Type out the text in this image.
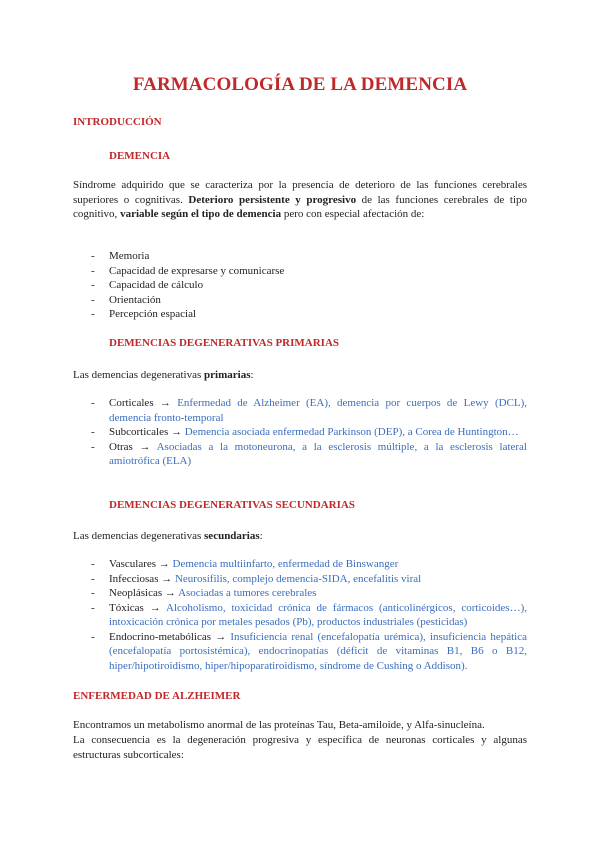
FARMACOLOGÍA DE LA DEMENCIA
INTRODUCCIÓN
DEMENCIA
Síndrome adquirido que se caracteriza por la presencia de deterioro de las funciones cerebrales superiores o cognitivas. Deterioro persistente y progresivo de las funciones cerebrales de tipo cognitivo, variable según el tipo de demencia pero con especial afectación de:
- Memoria
- Capacidad de expresarse y comunicarse
- Capacidad de cálculo
- Orientación
- Percepción espacial
DEMENCIAS DEGENERATIVAS PRIMARIAS
Las demencias degenerativas primarias:
- Corticales → Enfermedad de Alzheimer (EA), demencia por cuerpos de Lewy (DCL), demencia fronto-temporal
- Subcorticales → Demencia asociada enfermedad Parkinson (DEP), a Corea de Huntington…
- Otras → Asociadas a la motoneurona, a la esclerosis múltiple, a la esclerosis lateral amiotrófica (ELA)
DEMENCIAS DEGENERATIVAS SECUNDARIAS
Las demencias degenerativas secundarias:
- Vasculares → Demencia multiinfarto, enfermedad de Binswanger
- Infecciosas → Neurosífilis, complejo demencia-SIDA, encefalitis viral
- Neoplásicas → Asociadas a tumores cerebrales
- Tóxicas → Alcoholismo, toxicidad crónica de fármacos (anticolinérgicos, corticoides…), intoxicación crónica por metales pesados (Pb), productos industriales (pesticidas)
- Endocrino-metabólicas → Insuficiencia renal (encefalopatía urémica), insuficiencia hepática (encefalopatía portosistémica), endocrinopatías (déficit de vitaminas B1, B6 o B12, hiper/hipotiroidismo, hiper/hipoparatiroidismo, síndrome de Cushing o Addison).
ENFERMEDAD DE ALZHEIMER
Encontramos un metabolismo anormal de las proteínas Tau, Beta-amiloide, y Alfa-sinucleína.
La consecuencia es la degeneración progresiva y específica de neuronas corticales y algunas estructuras subcorticales:
